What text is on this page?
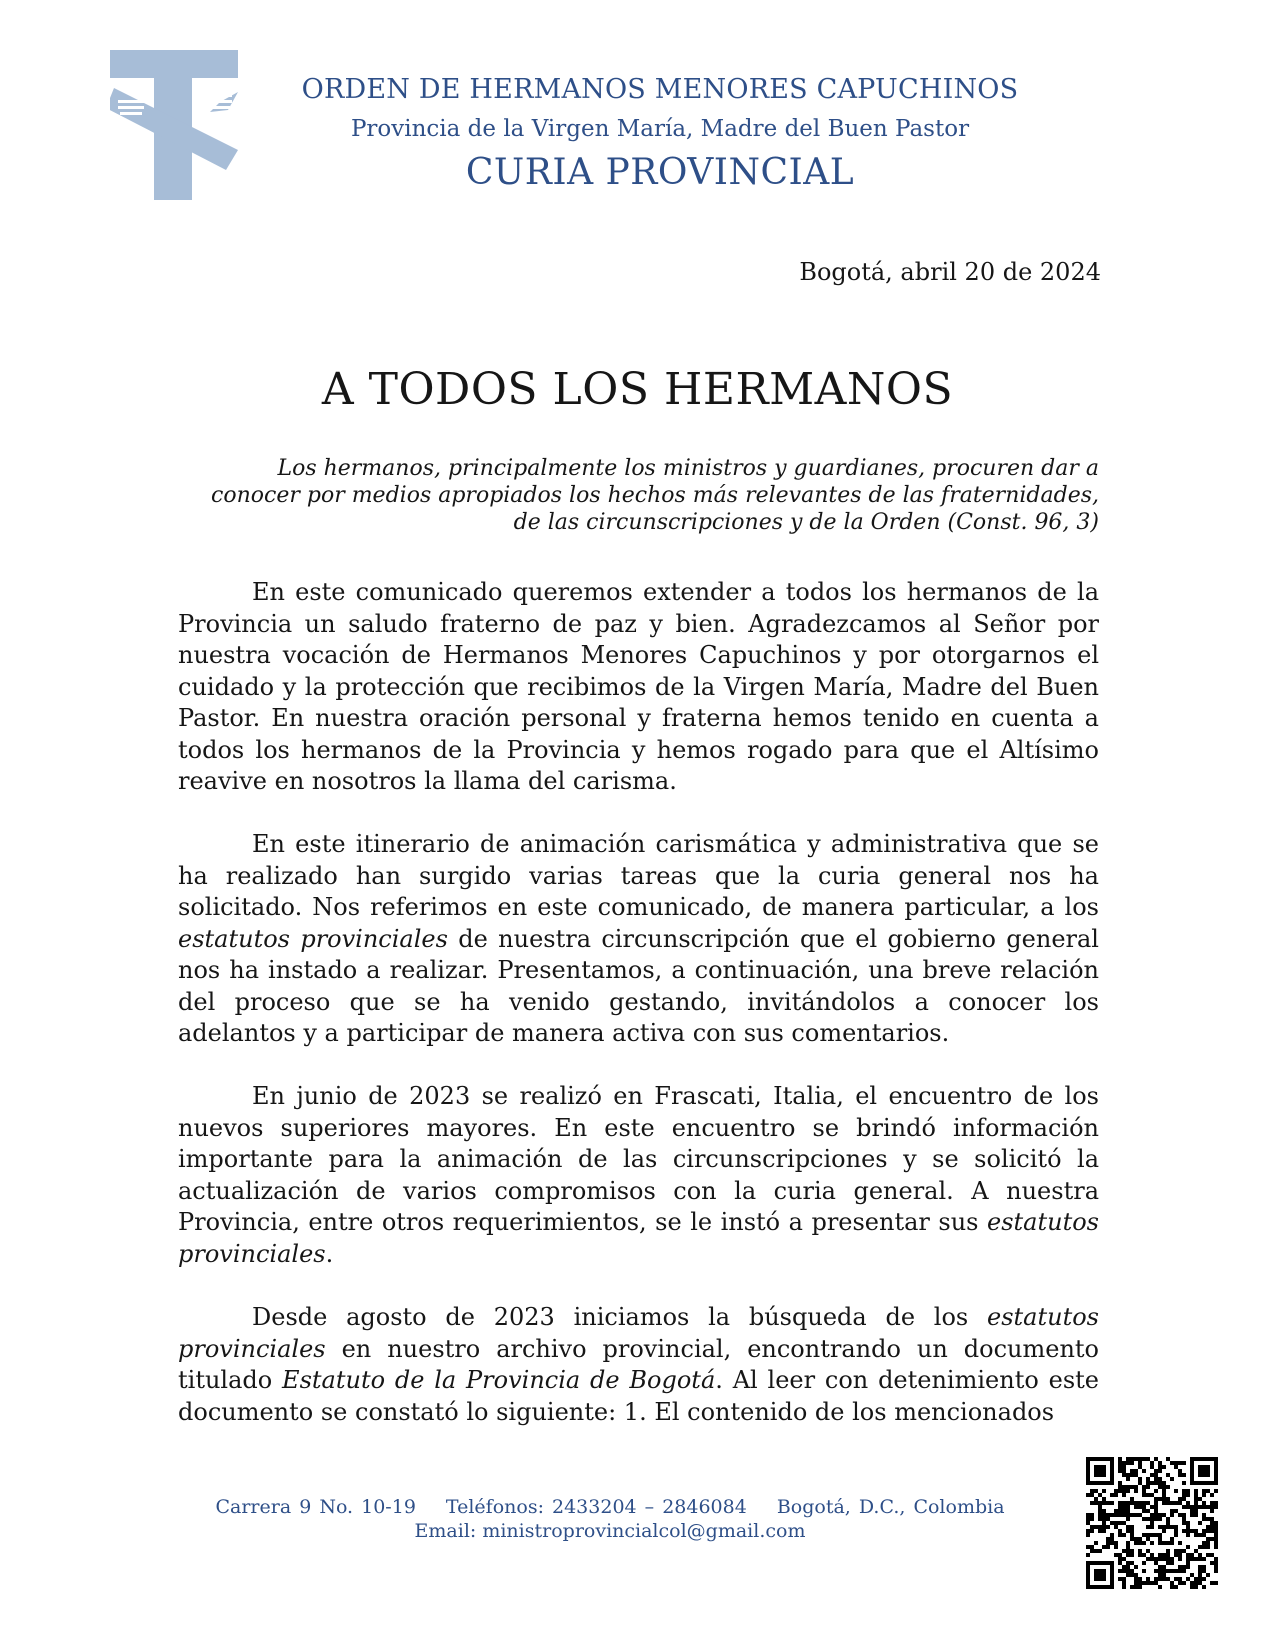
ORDEN DE HERMANOS MENORES CAPUCHINOS
Provincia de la Virgen María, Madre del Buen Pastor
CURIA PROVINCIAL
Bogotá, abril 20 de 2024
A TODOS LOS HERMANOS
Los hermanos, principalmente los ministros y guardianes, procuren dar a
conocer por medios apropiados los hechos más relevantes de las fraternidades,
de las circunscripciones y de la Orden (Const. 96, 3)

En este comunicado queremos extender a todos los hermanos de la Provincia un saludo fraterno de paz y bien. Agradezcamos al Señor por nuestra vocación de Hermanos Menores Capuchinos y por otorgarnos el cuidado y la protección que recibimos de la Virgen María, Madre del Buen Pastor. En nuestra oración personal y fraterna hemos tenido en cuenta a todos los hermanos de la Provincia y hemos rogado para que el Altísimo reavive en nosotros la llama del carisma.

En este itinerario de animación carismática y administrativa que se ha realizado han surgido varias tareas que la curia general nos ha solicitado. Nos referimos en este comunicado, de manera particular, a los estatutos provinciales de nuestra circunscripción que el gobierno general nos ha instado a realizar. Presentamos, a continuación, una breve relación del proceso que se ha venido gestando, invitándolos a conocer los adelantos y a participar de manera activa con sus comentarios.

En junio de 2023 se realizó en Frascati, Italia, el encuentro de los nuevos superiores mayores. En este encuentro se brindó información importante para la animación de las circunscripciones y se solicitó la actualización de varios compromisos con la curia general. A nuestra Provincia, entre otros requerimientos, se le instó a presentar sus estatutos provinciales.

Desde agosto de 2023 iniciamos la búsqueda de los estatutos provinciales en nuestro archivo provincial, encontrando un documento titulado Estatuto de la Provincia de Bogotá. Al leer con detenimiento este documento se constató lo siguiente: 1. El contenido de los mencionados

Carrera 9 No. 10-19 Teléfonos: 2433204 – 2846084 Bogotá, D.C., Colombia
Email: ministroprovincialcol@gmail.com
